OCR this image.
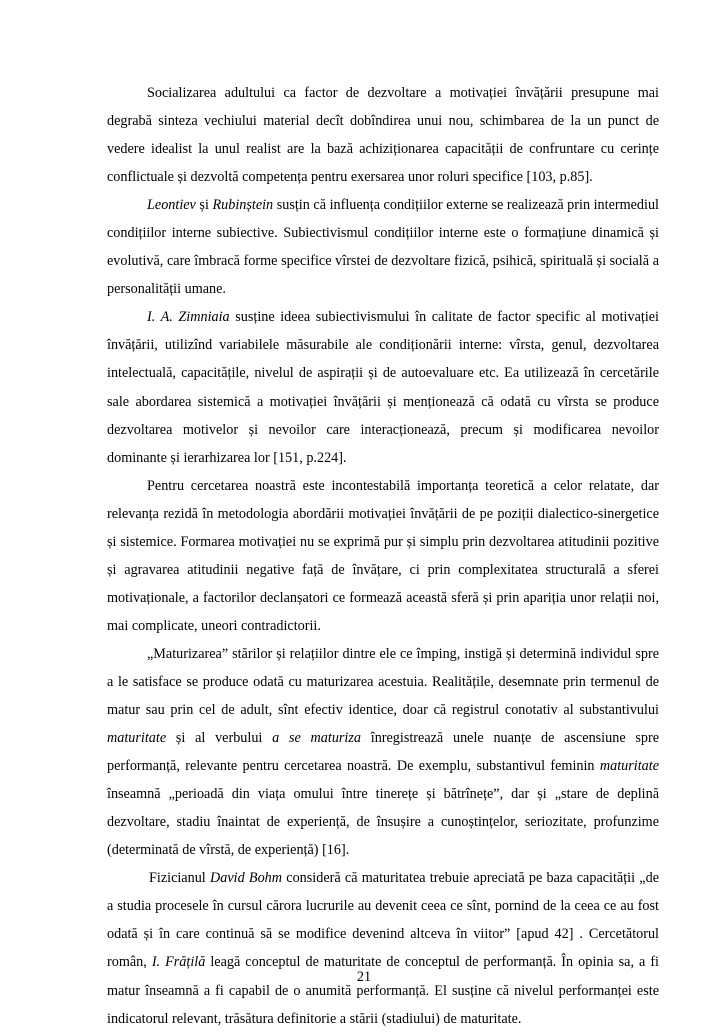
Socializarea adultului ca factor de dezvoltare a motivației învățării presupune mai degrabă sinteza vechiului material decît dobîndirea unui nou, schimbarea de la un punct de vedere idealist la unul realist are la bază achiziționarea capacității de confruntare cu cerințe conflictuale și dezvoltă competența pentru exersarea unor roluri specifice [103, p.85].

Leontiev și Rubinștein susțin că influența condițiilor externe se realizează prin intermediul condițiilor interne subiective. Subiectivismul condițiilor interne este o formațiune dinamică și evolutivă, care îmbracă forme specifice vîrstei de dezvoltare fizică, psihică, spirituală și socială a personalității umane.

I. A. Zimniaia susține ideea subiectivismului în calitate de factor specific al motivației învățării, utilizînd variabilele măsurabile ale condiționării interne: vîrsta, genul, dezvoltarea intelectuală, capacitățile, nivelul de aspirații și de autoevaluare etc. Ea utilizează în cercetările sale abordarea sistemică a motivației învățării și menționează că odată cu vîrsta se produce dezvoltarea motivelor și nevoilor care interacționează, precum și modificarea nevoilor dominante și ierarhizarea lor [151, p.224].

Pentru cercetarea noastră este incontestabilă importanța teoretică a celor relatate, dar relevanța rezidă în metodologia abordării motivației învățării de pe poziții dialectico-sinergetice și sistemice. Formarea motivației nu se exprimă pur și simplu prin dezvoltarea atitudinii pozitive și agravarea atitudinii negative față de învățare, ci prin complexitatea structurală a sferei motivaționale, a factorilor declanșatori ce formează această sferă și prin apariția unor relații noi, mai complicate, uneori contradictorii.

„Maturizarea” stărilor și relațiilor dintre ele ce împing, instigă și determină individul spre a le satisface se produce odată cu maturizarea acestuia. Realitățile, desemnate prin termenul de matur sau prin cel de adult, sînt efectiv identice, doar că registrul conotativ al substantivului maturitate și al verbului a se maturiza înregistrează unele nuanțe de ascensiune spre performanță, relevante pentru cercetarea noastră. De exemplu, substantivul feminin maturitate înseamnă „perioadă din viața omului între tinerețe și bătrînețe”, dar și „stare de deplină dezvoltare, stadiu înaintat de experiență, de însușire a cunoștințelor, seriozitate, profunzime (determinată de vîrstă, de experiență) [16].

Fizicianul David Bohm consideră că maturitatea trebuie apreciată pe baza capacității „de a studia procesele în cursul cărora lucrurile au devenit ceea ce sînt, pornind de la ceea ce au fost odată și în care continuă să se modifice devenind altceva în viitor” [apud 42] . Cercetătorul român, I. Frățilă leagă conceptul de maturitate de conceptul de performanță. În opinia sa, a fi matur înseamnă a fi capabil de o anumită performanță. El susține că nivelul performanței este indicatorul relevant, trăsătura definitorie a stării (stadiului) de maturitate.

21
